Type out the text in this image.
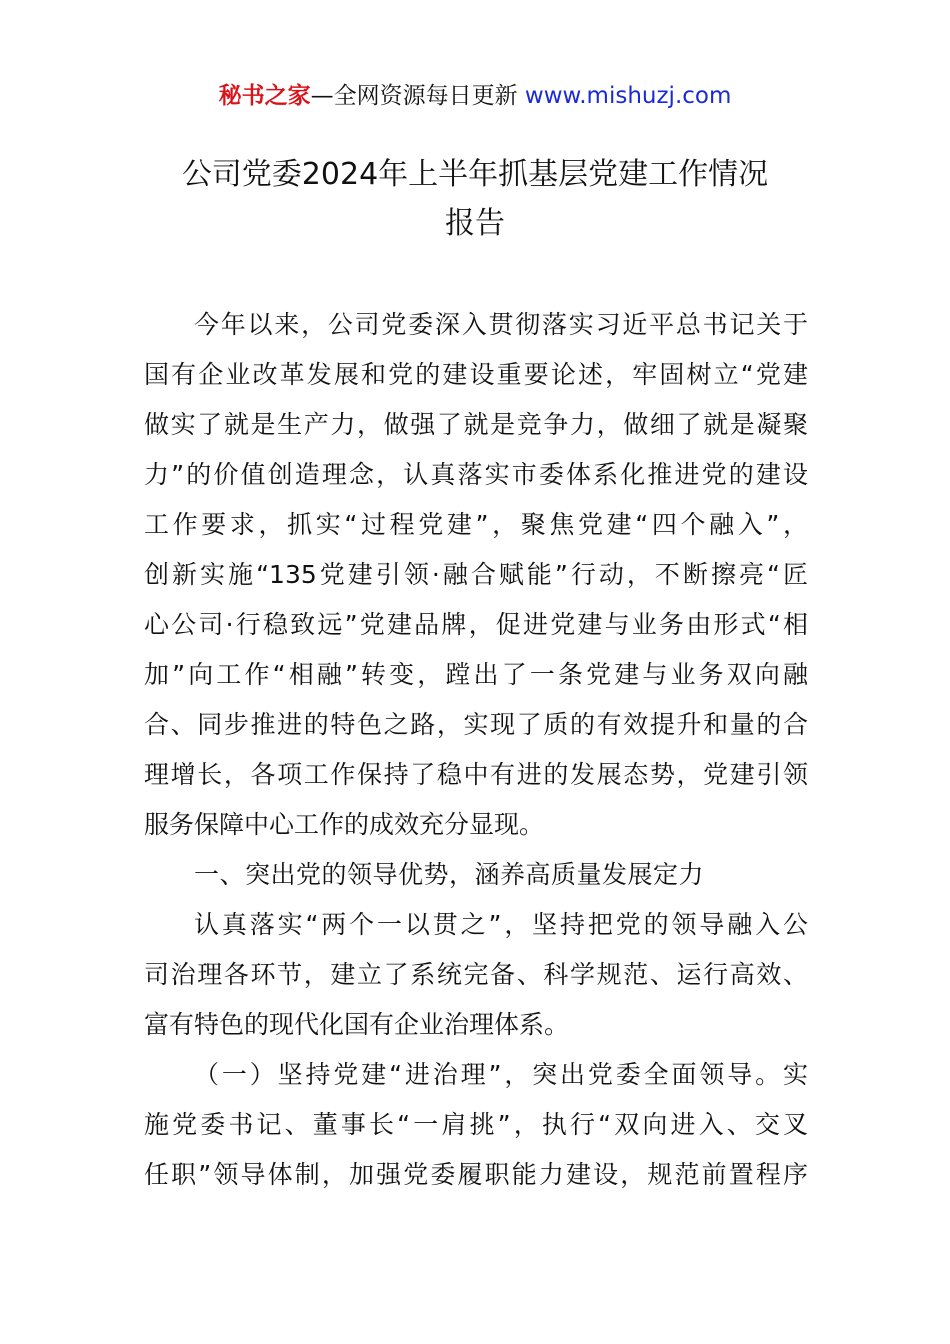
秘书之家—全网资源每日更新 www.mishuzj.com
公司党委2024年上半年抓基层党建工作情况
报告
今年以来，公司党委深入贯彻落实习近平总书记关于
国有企业改革发展和党的建设重要论述，牢固树立“党建
做实了就是生产力，做强了就是竞争力，做细了就是凝聚
力”的价值创造理念，认真落实市委体系化推进党的建设
工作要求，抓实“过程党建”，聚焦党建“四个融入”，
创新实施“135党建引领·融合赋能”行动，不断擦亮“匠
心公司·行稳致远”党建品牌，促进党建与业务由形式“相
加”向工作“相融”转变，蹚出了一条党建与业务双向融
合、同步推进的特色之路，实现了质的有效提升和量的合
理增长，各项工作保持了稳中有进的发展态势，党建引领
服务保障中心工作的成效充分显现。
一、突出党的领导优势，涵养高质量发展定力
认真落实“两个一以贯之”，坚持把党的领导融入公
司治理各环节，建立了系统完备、科学规范、运行高效、
富有特色的现代化国有企业治理体系。
（一）坚持党建“进治理”，突出党委全面领导。实
施党委书记、董事长“一肩挑”，执行“双向进入、交叉
任职”领导体制，加强党委履职能力建设，规范前置程序
